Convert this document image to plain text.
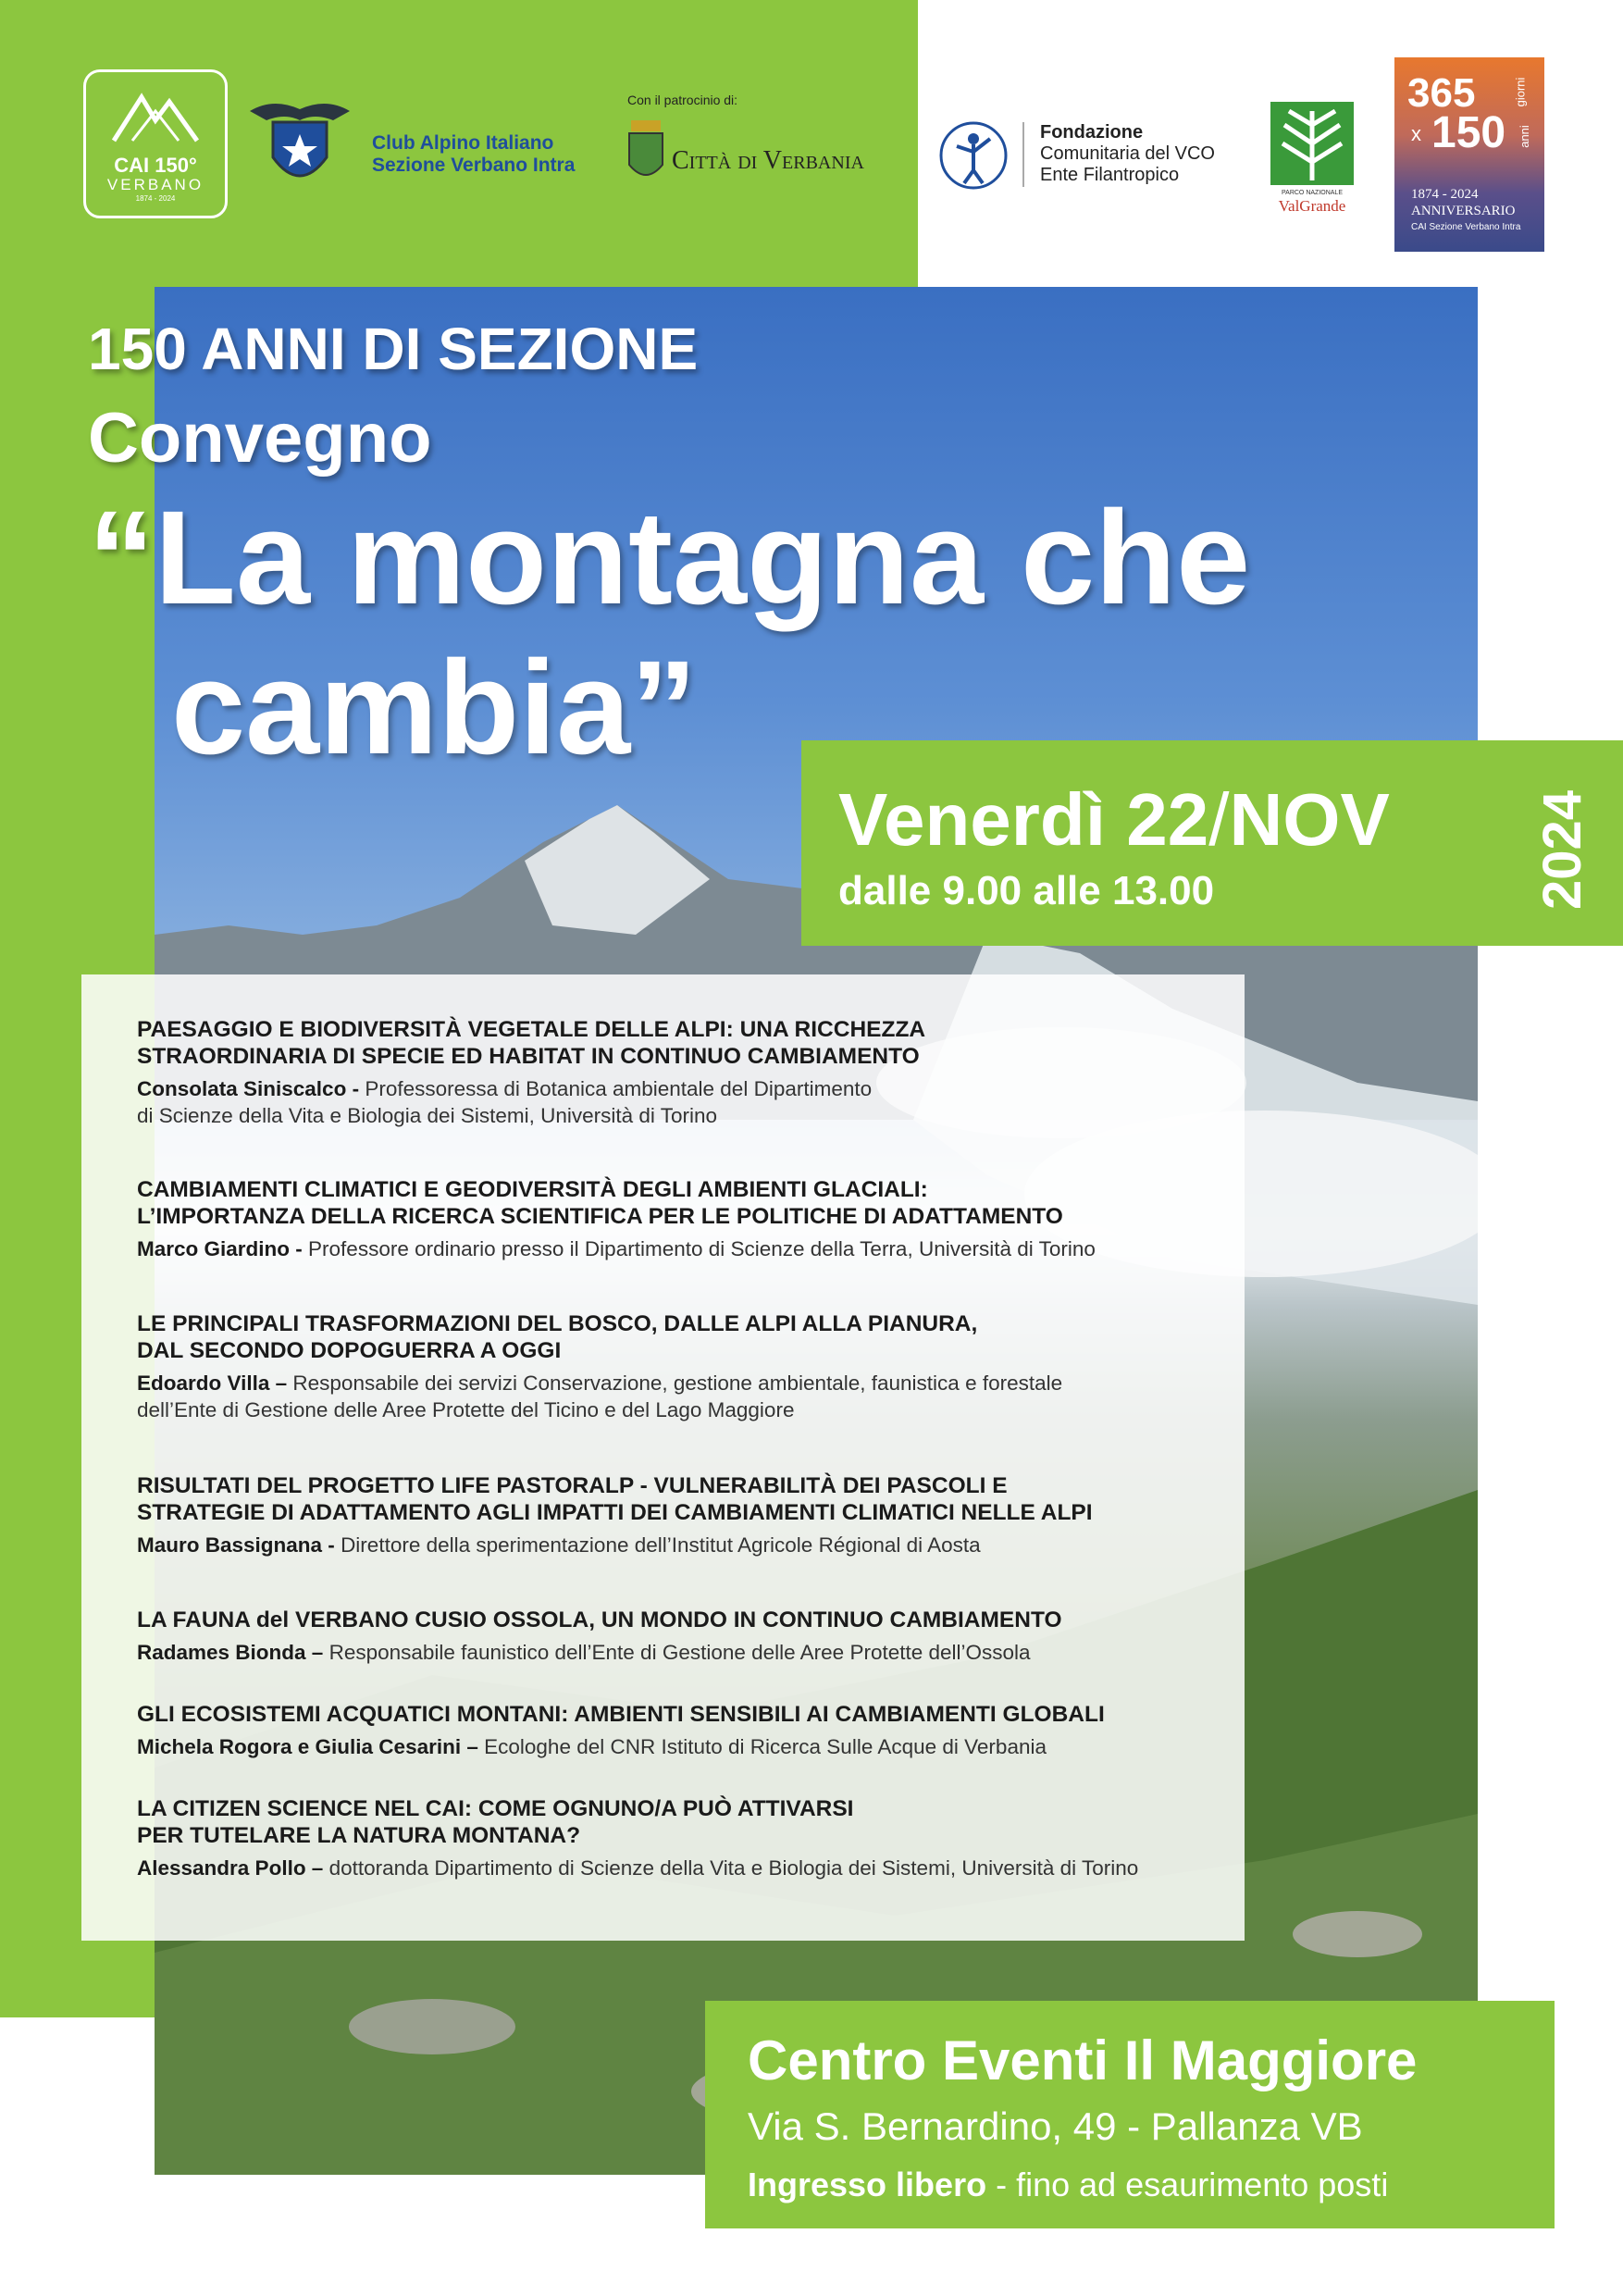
CAI 150°
VERBANO
1874 - 2024
Club Alpino Italiano
Sezione Verbano Intra
Con il patrocinio di:
Città di Verbania
Fondazione
Comunitaria del VCO
Ente Filantropico
PARCO NAZIONALE
ValGrande
365	giorni
x 150 anni
1874 - 2024
ANNIVERSARIO
CAI Sezione Verbano Intra
150 ANNI DI SEZIONE
Convegno
“La montagna che
cambia”
Venerdì 22/NOV
dalle 9.00 alle 13.00	2024

PAESAGGIO E BIODIVERSITÀ VEGETALE DELLE ALPI: UNA RICCHEZZA
STRAORDINARIA DI SPECIE ED HABITAT IN CONTINUO CAMBIAMENTO

Consolata Siniscalco - Professoressa di Botanica ambientale del Dipartimento

di Scienze della Vita e Biologia dei Sistemi, Università di Torino

CAMBIAMENTI CLIMATICI E GEODIVERSITÀ DEGLI AMBIENTI GLACIALI:
L’IMPORTANZA DELLA RICERCA SCIENTIFICA PER LE POLITICHE DI ADATTAMENTO

Marco Giardino - Professore ordinario presso il Dipartimento di Scienze della Terra, Università di Torino

LE PRINCIPALI TRASFORMAZIONI DEL BOSCO, DALLE ALPI ALLA PIANURA,
DAL SECONDO DOPOGUERRA A OGGI

Edoardo Villa – Responsabile dei servizi Conservazione, gestione ambientale, faunistica e forestale

dell’Ente di Gestione delle Aree Protette del Ticino e del Lago Maggiore

RISULTATI DEL PROGETTO LIFE PASTORALP - VULNERABILITÀ DEI PASCOLI E
STRATEGIE DI ADATTAMENTO AGLI IMPATTI DEI CAMBIAMENTI CLIMATICI NELLE ALPI

Mauro Bassignana - Direttore della sperimentazione dell’Institut Agricole Régional di Aosta

LA FAUNA del VERBANO CUSIO OSSOLA, UN MONDO IN CONTINUO CAMBIAMENTO

Radames Bionda – Responsabile faunistico dell’Ente di Gestione delle Aree Protette dell’Ossola

GLI ECOSISTEMI ACQUATICI MONTANI: AMBIENTI SENSIBILI AI CAMBIAMENTI GLOBALI

Michela Rogora e Giulia Cesarini – Ecologhe del CNR Istituto di Ricerca Sulle Acque di Verbania

LA CITIZEN SCIENCE NEL CAI: COME OGNUNO/A PUÒ ATTIVARSI
PER TUTELARE LA NATURA MONTANA?

Alessandra Pollo – dottoranda Dipartimento di Scienze della Vita e Biologia dei Sistemi, Università di Torino

Centro Eventi Il Maggiore
Via S. Bernardino, 49 - Pallanza VB
Ingresso libero - fino ad esaurimento posti
